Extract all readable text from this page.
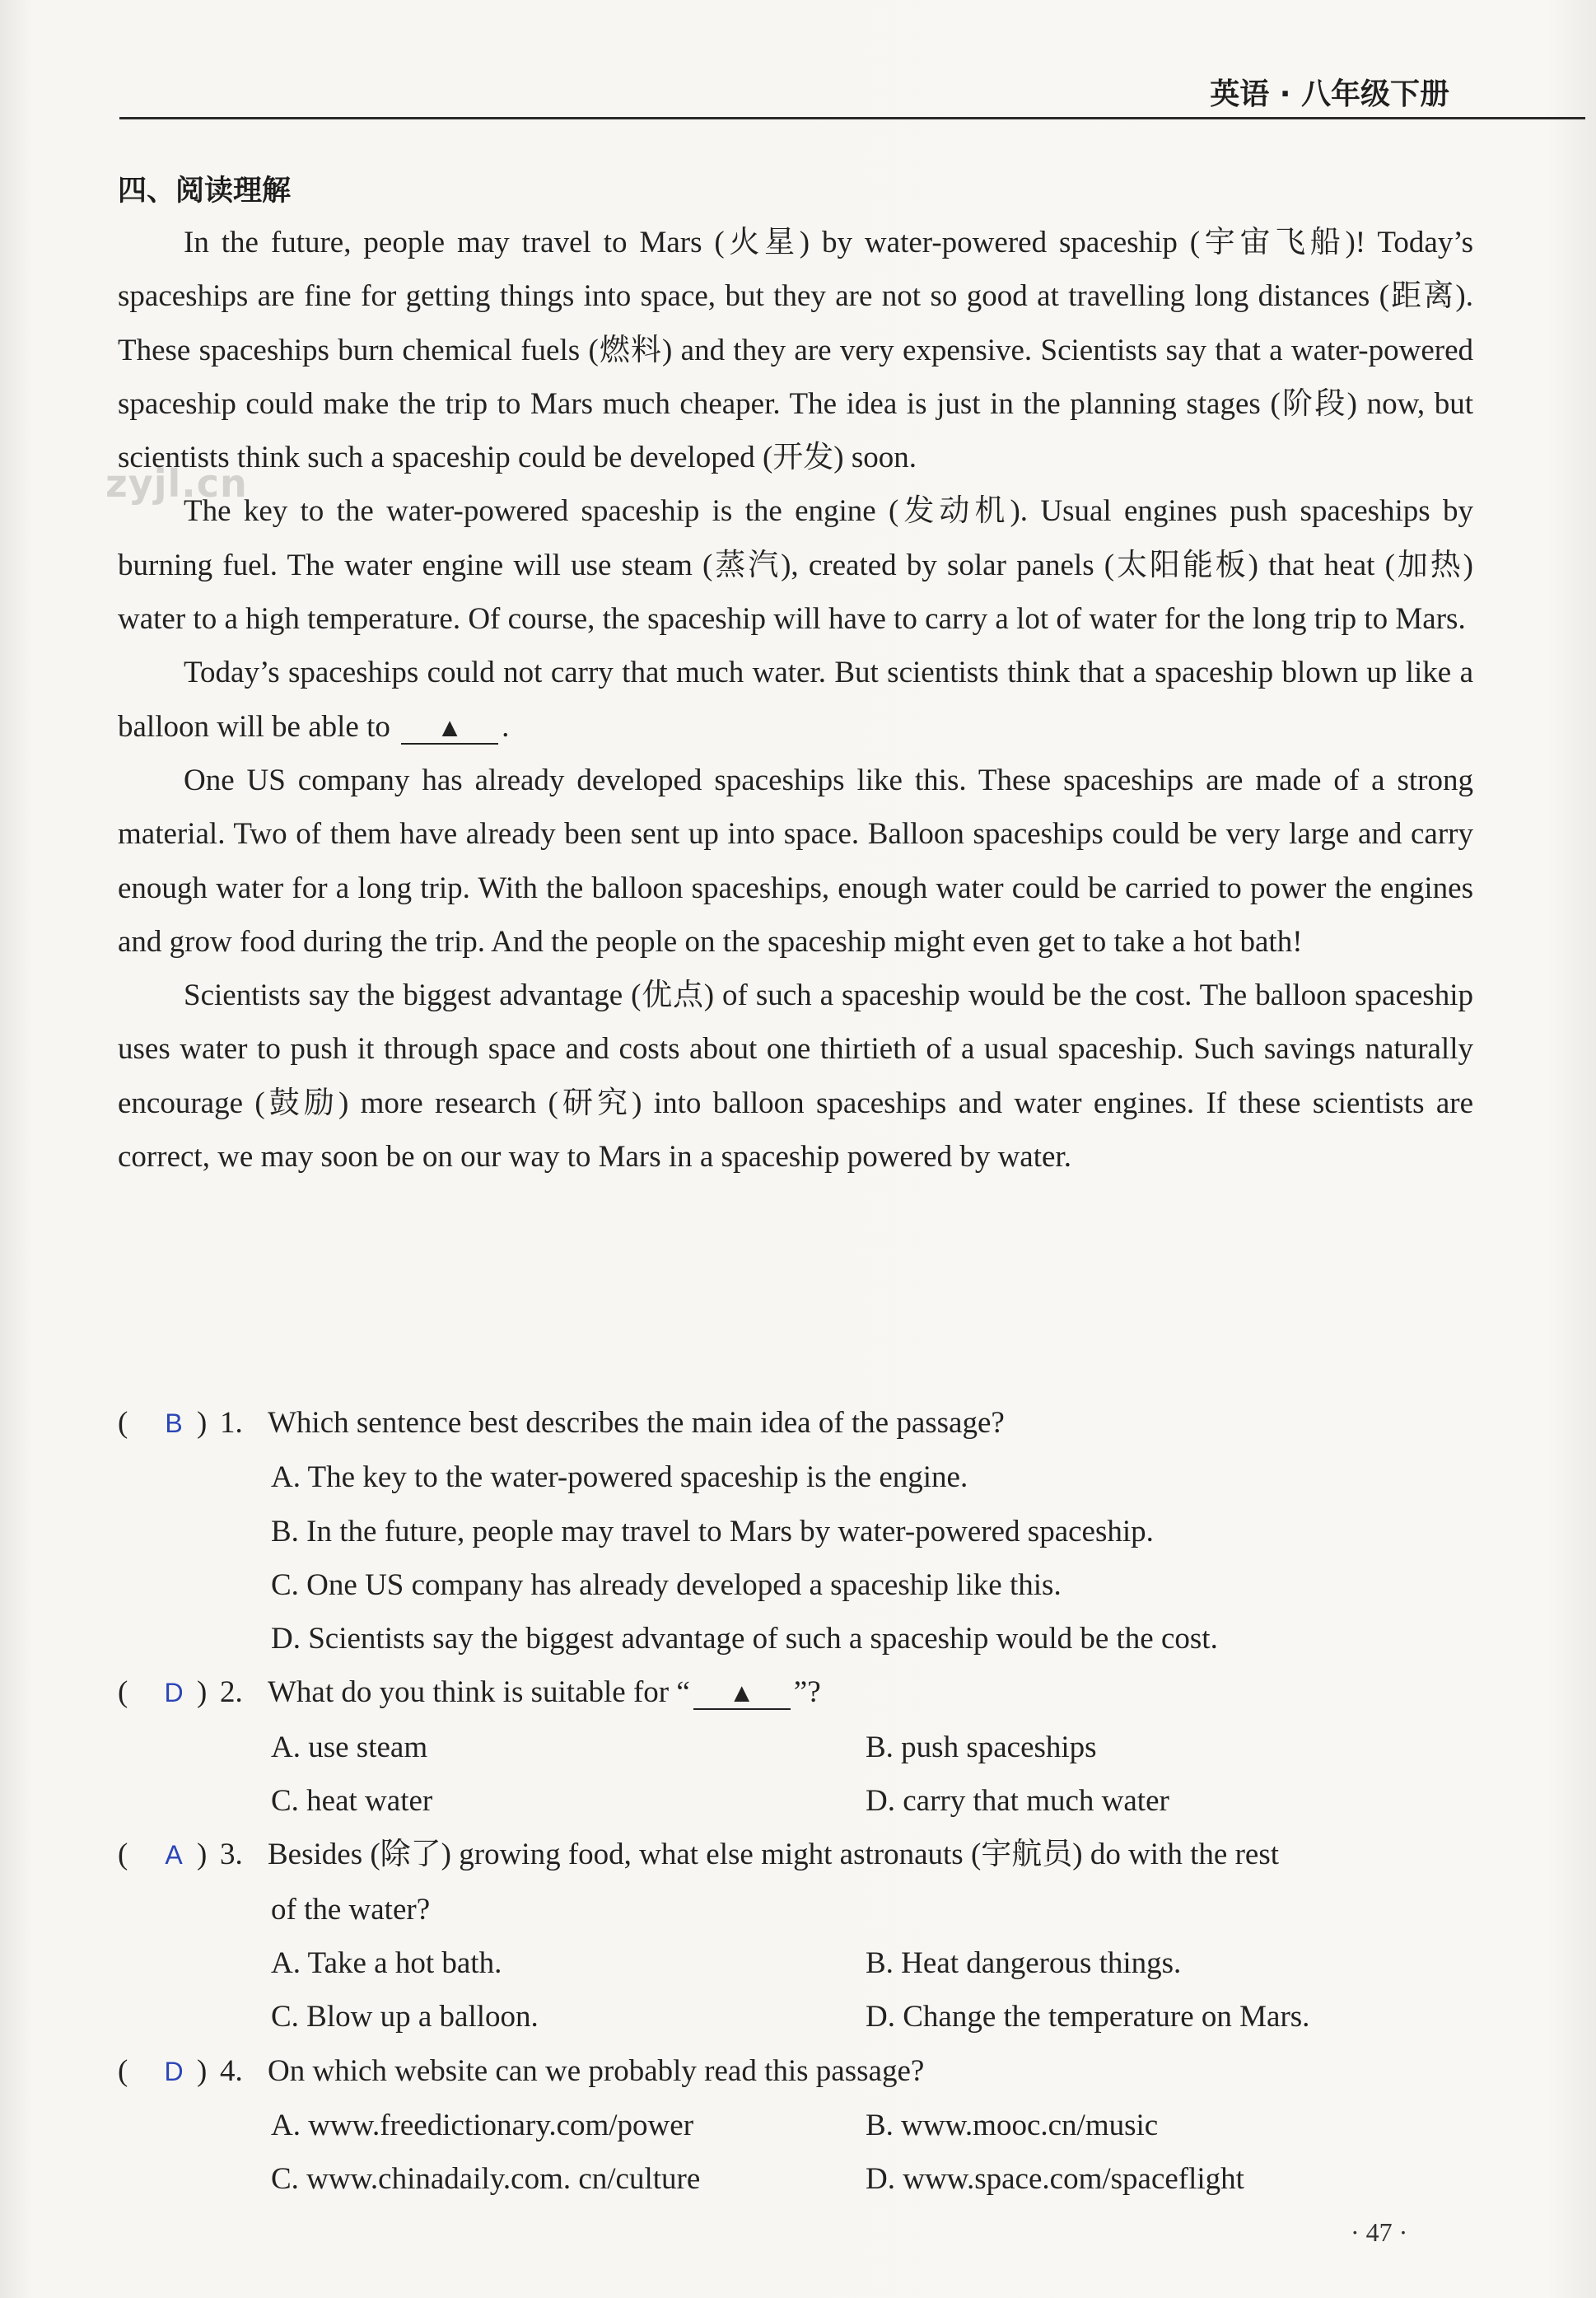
英语 · 八年级下册
zyjl.cn
四、阅读理解

In the future, people may travel to Mars (火星) by water-powered spaceship (宇宙飞船)! Today’s spaceships are fine for getting things into space, but they are not so good at travelling long distances (距离). These spaceships burn chemical fuels (燃料) and they are very expensive. Scientists say that a water-powered spaceship could make the trip to Mars much cheaper. The idea is just in the planning stages (阶段) now, but scientists think such a spaceship could be developed (开发) soon.

The key to the water-powered spaceship is the engine (发动机). Usual engines push spaceships by burning fuel. The water engine will use steam (蒸汽), created by solar panels (太阳能板) that heat (加热) water to a high temperature. Of course, the spaceship will have to carry a lot of water for the long trip to Mars.

Today’s spaceships could not carry that much water. But scientists think that a spaceship blown up like a balloon will be able to ▲ .

One US company has already developed spaceships like this. These spaceships are made of a strong material. Two of them have already been sent up into space. Balloon spaceships could be very large and carry enough water for a long trip. With the balloon spaceships, enough water could be carried to power the engines and grow food during the trip. And the people on the spaceship might even get to take a hot bath!

Scientists say the biggest advantage (优点) of such a spaceship would be the cost. The balloon spaceship uses water to push it through space and costs about one thirtieth of a usual spaceship. Such savings naturally encourage (鼓励) more research (研究) into balloon spaceships and water engines. If these scientists are correct, we may soon be on our way to Mars in a spaceship powered by water.

( B ) 1. Which sentence best describes the main idea of the passage?
A. The key to the water-powered spaceship is the engine.
B. In the future, people may travel to Mars by water-powered spaceship.
C. One US company has already developed a spaceship like this.
D. Scientists say the biggest advantage of such a spaceship would be the cost.
( D ) 2. What do you think is suitable for “ ▲ ”?
A. use steam	B. push spaceships
C. heat water	D. carry that much water
( A ) 3. Besides (除了) growing food, what else might astronauts (宇航员) do with the rest
of the water?
A. Take a hot bath.	B. Heat dangerous things.
C. Blow up a balloon.	D. Change the temperature on Mars.
( D ) 4. On which website can we probably read this passage?
A. www.freedictionary.com/power	B. www.mooc.cn/music
C. www.chinadaily.com. cn/culture	D. www.space.com/spaceflight
· 47 ·
